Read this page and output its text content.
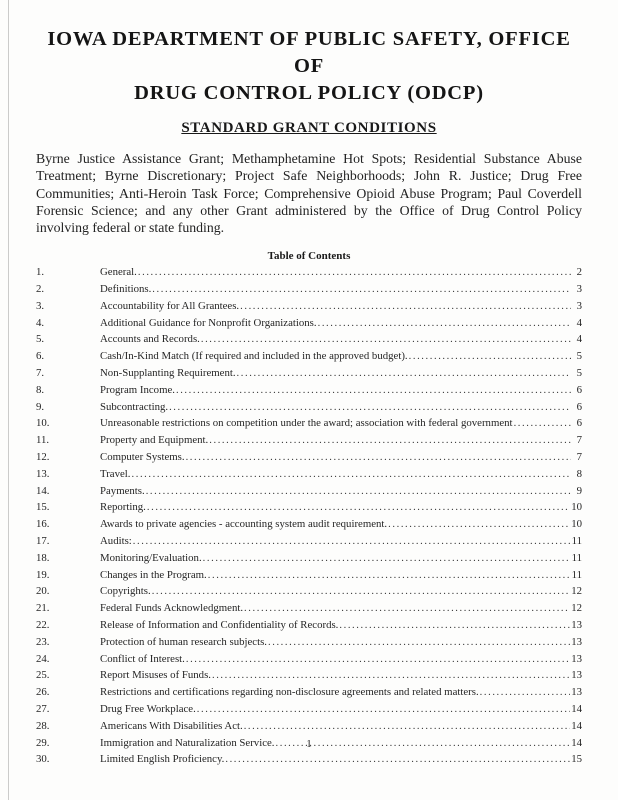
IOWA DEPARTMENT OF PUBLIC SAFETY, OFFICE OF
DRUG CONTROL POLICY (ODCP)
STANDARD GRANT CONDITIONS

Byrne Justice Assistance Grant; Methamphetamine Hot Spots; Residential Substance Abuse Treatment; Byrne Discretionary; Project Safe Neighborhoods; John R. Justice; Drug Free Communities; Anti-Heroin Task Force; Comprehensive Opioid Abuse Program; Paul Coverdell Forensic Science; and any other Grant administered by the Office of Drug Control Policy involving federal or state funding.

Table of Contents
1.	General. .....	2
2.	Definitions. .....	3
3.	Accountability for All Grantees. .....	3
4.	Additional Guidance for Nonprofit Organizations. .....	4
5.	Accounts and Records. .....	4
6.	Cash/In-Kind Match (If required and included in the approved budget). .....	5
7.	Non-Supplanting Requirement. .....	5
8.	Program Income. .....	6
9.	Subcontracting. .....	6
10.	Unreasonable restrictions on competition under the award; association with federal government .....	6
11.	Property and Equipment. .....	7
12.	Computer Systems. .....	7
13.	Travel. .....	8
14.	Payments. .....	9
15.	Reporting. .....	10
16.	Awards to private agencies - accounting system audit requirement. .....	10
17.	Audits: .....	11
18.	Monitoring/Evaluation. .....	11
19.	Changes in the Program. .....	11
20.	Copyrights. .....	12
21.	Federal Funds Acknowledgment. .....	12
22.	Release of Information and Confidentiality of Records. .....	13
23.	Protection of human research subjects. .....	13
24.	Conflict of Interest. .....	13
25.	Report Misuses of Funds. .....	13
26.	Restrictions and certifications regarding non-disclosure agreements and related matters. .....	13
27.	Drug Free Workplace. .....	14
28.	Americans With Disabilities Act. .....	14
29.	Immigration and Naturalization Service. .....	14
30.	Limited English Proficiency. .....	15
1
